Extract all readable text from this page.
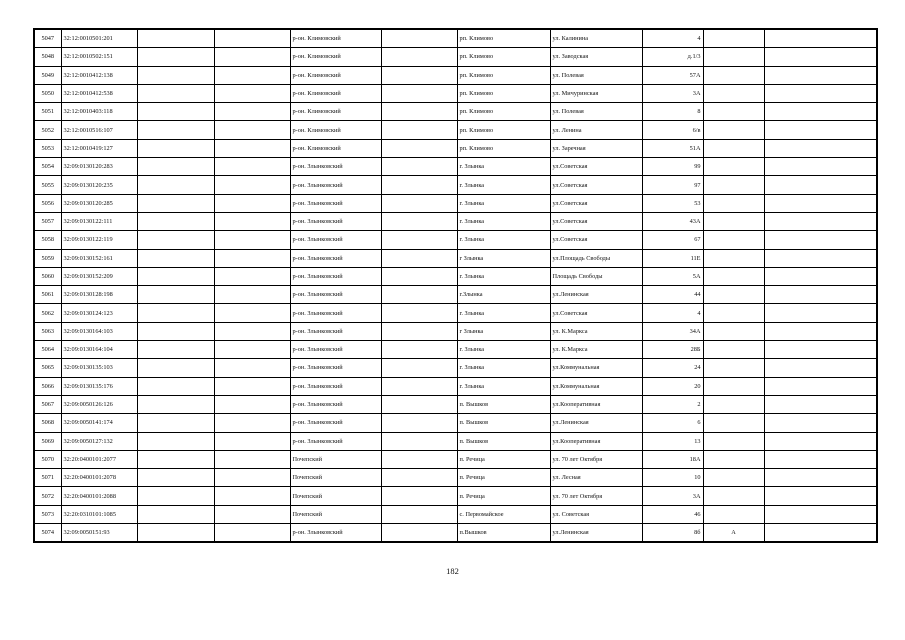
5047	32:12:0010501:201			р-он. Климовский		рп. Климово	ул. Калинина	4		
5048	32:12:0010502:151			р-он. Климовский		рп. Климово	ул. Заводская	д.1/3		
5049	32:12:0010412:138			р-он. Климовский		рп. Климово	ул. Полевая	57А		
5050	32:12:0010412:538			р-он. Климовский		рп. Климово	ул. Мичуринская	3А		
5051	32:12:0010403:118			р-он. Климовский		рп. Климово	ул. Полевая	8		
5052	32:12:0010516:107			р-он. Климовский		рп. Климово	ул. Ленина	6/в		
5053	32:12:0010419:127			р-он. Климовский		рп. Климово	ул. Заречная	51А		
5054	32:09:0130120:283			р-он. Злынковский		г. Злынка	ул.Советская	99		
5055	32:09:0130120:235			р-он. Злынковский		г. Злынка	ул.Советская	97		
5056	32:09:0130120:285			р-он. Злынковский		г. Злынка	ул.Советская	53		
5057	32:09:0130122:111			р-он. Злынковский		г. Злынка	ул.Советская	43А		
5058	32:09:0130122:119			р-он. Злынковский		г. Злынка	ул.Советская	67		
5059	32:09:0130152:161			р-он. Злынковский		г Злынка	ул.Площадь Свободы	11Е		
5060	32:09:0130152:209			р-он. Злынковский		г. Злынка	Площадь Свободы	5А		
5061	32:09:0130128:198			р-он. Злынковский		г.Злынка	ул.Ленинская	44		
5062	32:09:0130124:123			р-он. Злынковский		г. Злынка	ул.Советская	4		
5063	32:09:0130164:103			р-он. Злынковский		г Злынка	ул. К.Маркса	34А		
5064	32:09:0130164:104			р-он. Злынковский		г. Злынка	ул. К.Маркса	28Б		
5065	32:09:0130135:103			р-он. Злынковский		г. Злынка	ул.Коммунальная	24		
5066	32:09:0130135:176			р-он. Злынковский		г. Злынка	ул.Коммунальная	20		
5067	32:09:0050126:126			р-он. Злынковский		п. Вышков	ул.Кооперативная	2		
5068	32:09:0050141:174			р-он. Злынковский		п. Вышков	ул.Ленинская	6		
5069	32:09:0050127:132			р-он. Злынковский		п. Вышков	ул.Кооперативная	13		
5070	32:20:0400101:2077			Почепский		п. Речица	ул. 70 лет Октября	18А		
5071	32:20:0400101:2078			Почепский		п. Речица	ул. Лесная	10		
5072	32:20:0400101:2088			Почепский		п. Речица	ул. 70 лет Октября	3А		
5073	32:20:0310101:1085			Почепский		с. Первомайское	ул. Советская	46		
5074	32:09:0050151:93			р-он. Злынковский		п.Вышков	ул.Ленинская	8б	А	
182
